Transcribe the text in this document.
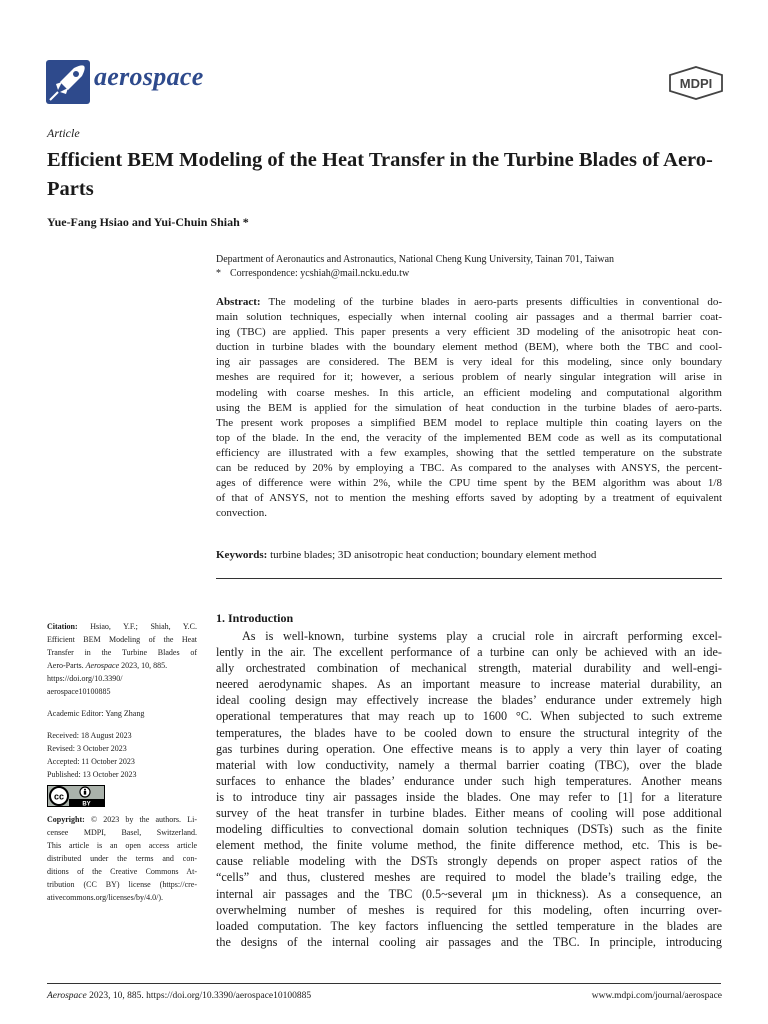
aerospace	MDPI
Article
Efficient BEM Modeling of the Heat Transfer in the Turbine Blades of Aero-Parts
Yue-Fang Hsiao and Yui-Chuin Shiah *
Department of Aeronautics and Astronautics, National Cheng Kung University, Tainan 701, Taiwan
* Correspondence: ycshiah@mail.ncku.edu.tw
Abstract: The modeling of the turbine blades in aero-parts presents difficulties in conventional do-
main solution techniques, especially when internal cooling air passages and a thermal barrier coat-
ing (TBC) are applied. This paper presents a very efficient 3D modeling of the anisotropic heat con-
duction in turbine blades with the boundary element method (BEM), where both the TBC and cool-
ing air passages are considered. The BEM is very ideal for this modeling, since only boundary
meshes are required for it; however, a serious problem of nearly singular integration will arise in
modeling with coarse meshes. In this article, an efficient modeling and computational algorithm
using the BEM is applied for the simulation of heat conduction in the turbine blades of aero-parts.
The present work proposes a simplified BEM model to replace multiple thin coating layers on the
top of the blade. In the end, the veracity of the implemented BEM code as well as its computational
efficiency are illustrated with a few examples, showing that the settled temperature on the substrate
can be reduced by 20% by employing a TBC. As compared to the analyses with ANSYS, the percent-
ages of difference were within 2%, while the CPU time spent by the BEM algorithm was about 1/8
of that of ANSYS, not to mention the meshing efforts saved by adopting by a treatment of equivalent
convection.
Keywords: turbine blades; 3D anisotropic heat conduction; boundary element method
Citation: Hsiao, Y.F.; Shiah, Y.C.
Efficient BEM Modeling of the Heat
Transfer in the Turbine Blades of
Aero-Parts. Aerospace 2023, 10, 885.
https://doi.org/10.3390/
aerospace10100885
Academic Editor: Yang Zhang
Received: 18 August 2023
Revised: 3 October 2023
Accepted: 11 October 2023
Published: 13 October 2023
cc
BY
Copyright: © 2023 by the authors. Li-
censee MDPI, Basel, Switzerland.
This article is an open access article
distributed under the terms and con-
ditions of the Creative Commons At-
tribution (CC BY) license (https://cre-
ativecommons.org/licenses/by/4.0/).
1. Introduction
As is well-known, turbine systems play a crucial role in aircraft performing excel-
lently in the air. The excellent performance of a turbine can only be achieved with an ide-
ally orchestrated combination of mechanical strength, material durability and well-engi-
neered aerodynamic shapes. As an important measure to increase material durability, an
ideal cooling design may effectively increase the blades’ endurance under extremely high
operational temperatures that may reach up to 1600 °C. When subjected to such extreme
temperatures, the blades have to be cooled down to ensure the structural integrity of the
gas turbines during operation. One effective means is to apply a very thin layer of coating
material with low conductivity, namely a thermal barrier coating (TBC), over the blade
surfaces to enhance the blades’ endurance under such high temperatures. Another means
is to introduce tiny air passages inside the blades. One may refer to [1] for a literature
survey of the heat transfer in turbine blades. Either means of cooling will pose additional
modeling difficulties to convectional domain solution techniques (DSTs) such as the finite
element method, the finite volume method, the finite difference method, etc. This is be-
cause reliable modeling with the DSTs strongly depends on proper aspect ratios of the
“cells” and thus, clustered meshes are required to model the blade’s trailing edge, the
internal air passages and the TBC (0.5~several μm in thickness). As a consequence, an
overwhelming number of meshes is required for this modeling, often incurring over-
loaded computation. The key factors influencing the settled temperature in the blades are
the designs of the internal cooling air passages and the TBC. In principle, introducing
Aerospace 2023, 10, 885. https://doi.org/10.3390/aerospace10100885	www.mdpi.com/journal/aerospace
